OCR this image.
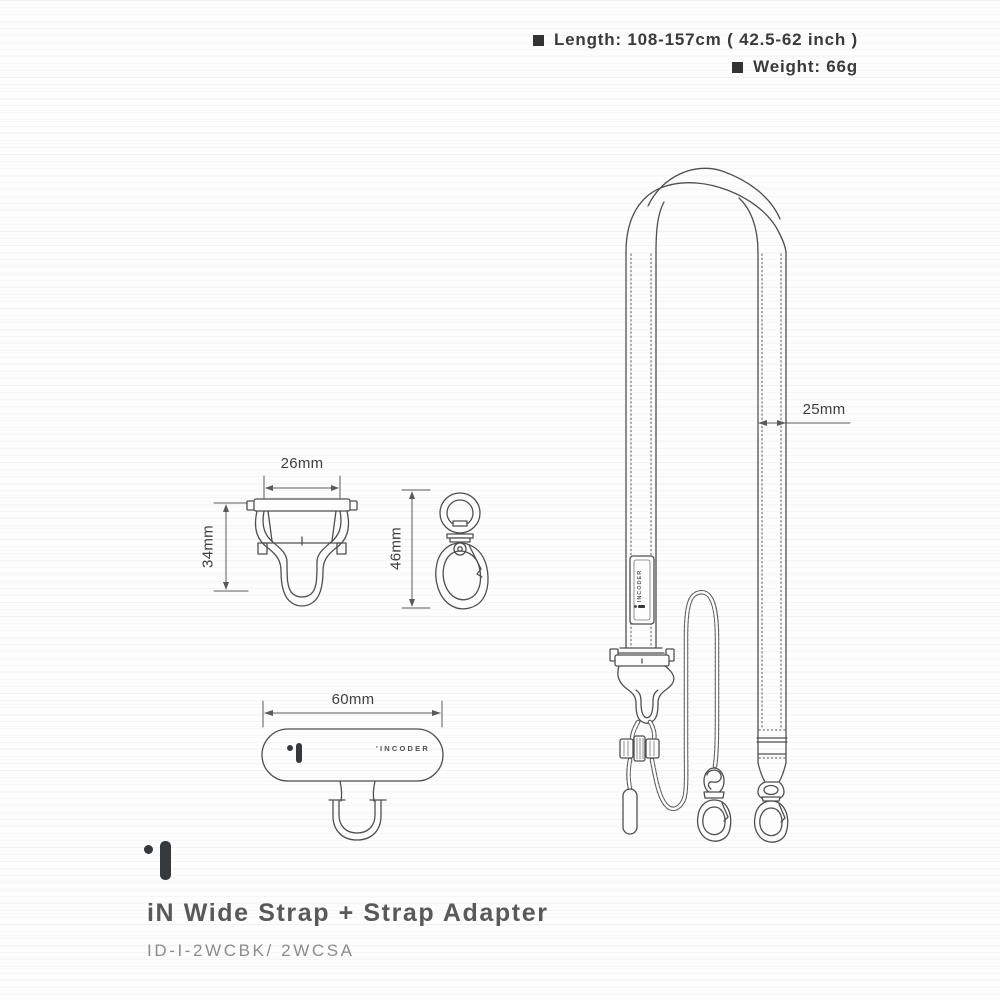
Length: 108-157cm ( 42.5-62 inch )
Weight: 66g
26mm
34mm	46mm
25mm
60mm
INCODER
'INCODER
iN Wide Strap + Strap Adapter
ID-I-2WCBK/ 2WCSA
